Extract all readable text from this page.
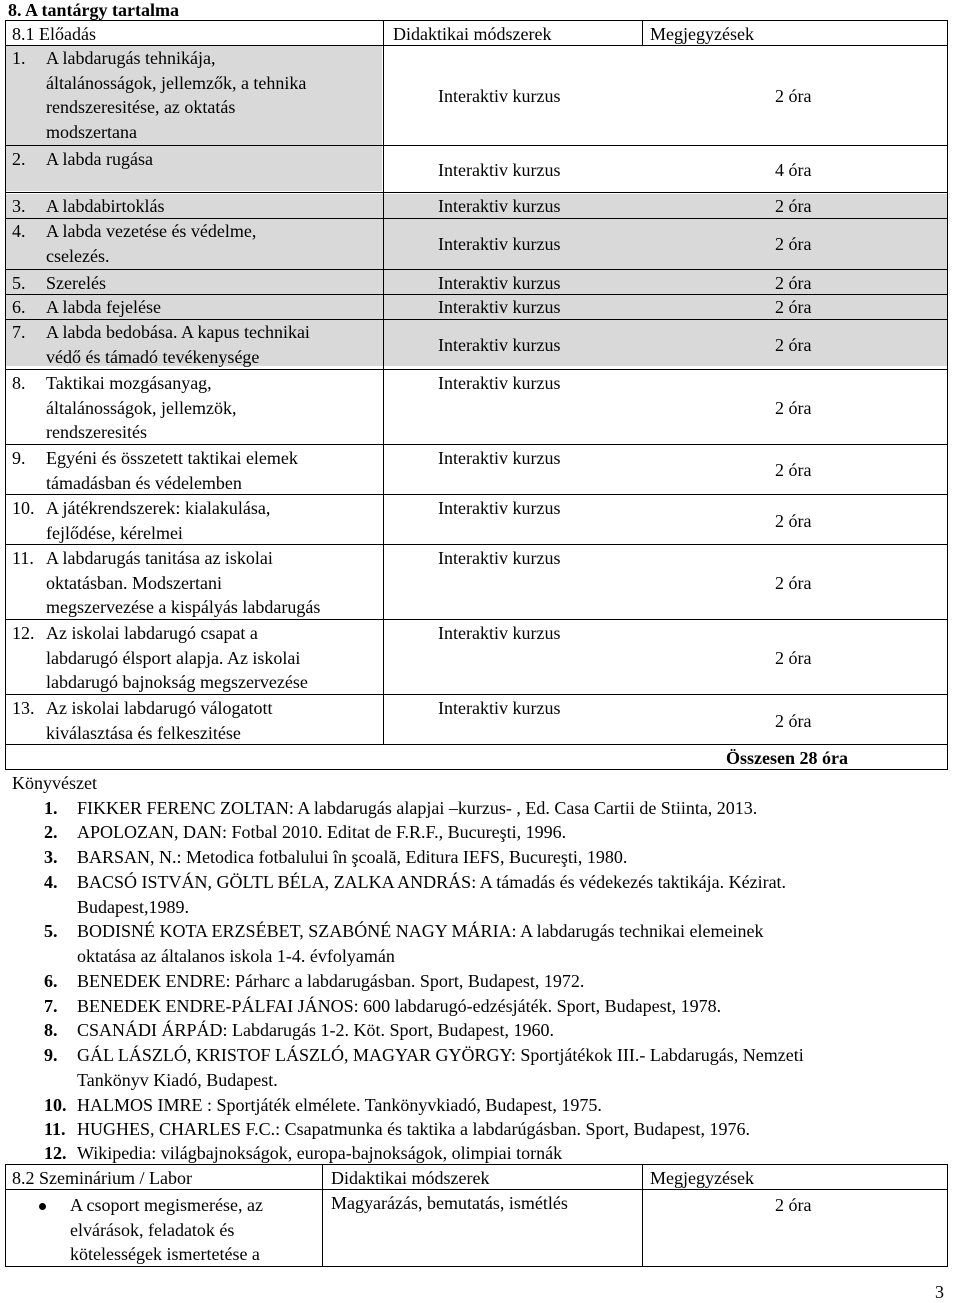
8. A tantárgy tartalma
8.1 Előadás	Didaktikai módszerek	Megjegyzések
1. A labdarugás tehnikája,
általánosságok, jellemzők, a tehnika
rendszeresitése, az oktatás
modszertana
Interaktiv kurzus	2 óra
2. A labda rugása
Interaktiv kurzus	4 óra
3. A labdabirtoklás	Interaktiv kurzus	2 óra
4. A labda vezetése és védelme,
cselezés.
Interaktiv kurzus	2 óra
5. Szerelés	Interaktiv kurzus	2 óra
6. A labda fejelése	Interaktiv kurzus	2 óra
7. A labda bedobása. A kapus technikai
védő és támadó tevékenysége
Interaktiv kurzus	2 óra
8. Taktikai mozgásanyag,
általánosságok, jellemzök,
rendszeresités
Interaktiv kurzus
2 óra
9. Egyéni és összetett taktikai elemek
támadásban és védelemben
Interaktiv kurzus
2 óra
10. A játékrendszerek: kialakulása,
fejlődése, kérelmei
Interaktiv kurzus
2 óra
11. A labdarugás tanitása az iskolai
oktatásban. Modszertani
megszervezése a kispályás labdarugás
Interaktiv kurzus
2 óra
12. Az iskolai labdarugó csapat a
labdarugó élsport alapja. Az iskolai
labdarugó bajnokság megszervezése
Interaktiv kurzus
2 óra
13. Az iskolai labdarugó válogatott
kiválasztása és felkeszitése
Interaktiv kurzus
2 óra
Összesen 28 óra
Könyvészet
1. FIKKER FERENC ZOLTAN: A labdarugás alapjai –kurzus- , Ed. Casa Cartii de Stiinta, 2013.
2. APOLOZAN, DAN: Fotbal 2010. Editat de F.R.F., Bucureşti, 1996.
3. BARSAN, N.: Metodica fotbalului în şcoală, Editura IEFS, Bucureşti, 1980.
4. BACSÓ ISTVÁN, GÖLTL BÉLA, ZALKA ANDRÁS: A támadás és védekezés taktikája. Kézirat.
Budapest,1989.
5. BODISNÉ KOTA ERZSÉBET, SZABÓNÉ NAGY MÁRIA: A labdarugás technikai elemeinek
oktatása az általanos iskola 1-4. évfolyamán
6. BENEDEK ENDRE: Párharc a labdarugásban. Sport, Budapest, 1972.
7. BENEDEK ENDRE-PÁLFAI JÁNOS: 600 labdarugó-edzésjáték. Sport, Budapest, 1978.
8. CSANÁDI ÁRPÁD: Labdarugás 1-2. Köt. Sport, Budapest, 1960.
9. GÁL LÁSZLÓ, KRISTOF LÁSZLÓ, MAGYAR GYÖRGY: Sportjátékok III.- Labdarugás, Nemzeti
Tankönyv Kiadó, Budapest.
10. HALMOS IMRE : Sportjáték elmélete. Tankönyvkiadó, Budapest, 1975.
11. HUGHES, CHARLES F.C.: Csapatmunka és taktika a labdarúgásban. Sport, Budapest, 1976.
12. Wikipedia: világbajnokságok, europa-bajnokságok, olimpiai tornák
8.2 Szeminárium / Labor	Didaktikai módszerek	Megjegyzések
A csoport megismerése, az
elvárások, feladatok és
kötelességek ismertetése a
Magyarázás, bemutatás, ismétlés	2 óra
3
